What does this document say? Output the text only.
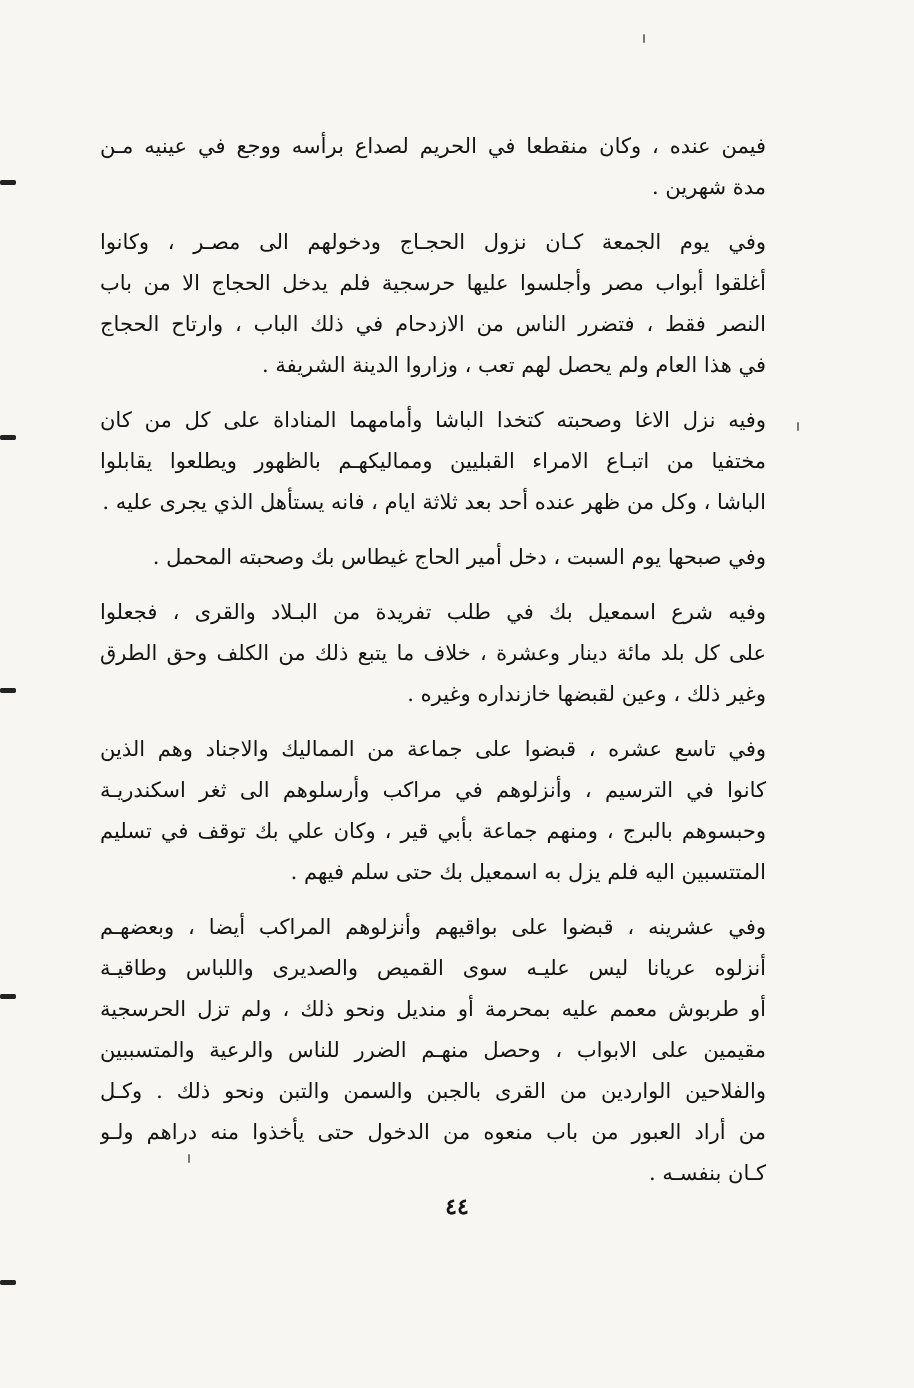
فيمن عنده ، وكان منقطعا في الحريم لصداع برأسه ووجع في عينيه مـن
مدة شهرين .
وفي يوم الجمعة كـان نزول الحجـاج ودخولهم الى مصـر ، وكانوا
أغلقوا أبواب مصر وأجلسوا عليها حرسجية فلم يدخل الحجاج الا من باب
النصر فقط ، فتضرر الناس من الازدحام في ذلك الباب ، وارتاح الحجاج
في هذا العام ولم يحصل لهم تعب ، وزاروا الدينة الشريفة .
وفيه نزل الاغا وصحبته كتخدا الباشا وأمامهما المناداة على كل من كان
مختفيا من اتبـاع الامراء القبليين ومماليكهـم بالظهور ويطلعوا يقابلوا
الباشا ، وكل من ظهر عنده أحد بعد ثلاثة ايام ، فانه يستأهل الذي يجرى عليه .
وفي صبحها يوم السبت ، دخل أمير الحاج غيطاس بك وصحبته المحمل .
وفيه شرع اسمعيل بك في طلب تفريدة من البـلاد والقرى ، فجعلوا
على كل بلد مائة دينار وعشرة ، خلاف ما يتبع ذلك من الكلف وحق الطرق
وغير ذلك ، وعين لقبضها خازنداره وغيره .
وفي تاسع عشره ، قبضوا على جماعة من المماليك والاجناد وهم الذين
كانوا في الترسيم ، وأنزلوهم في مراكب وأرسلوهم الى ثغر اسكندريـة
وحبسوهم بالبرج ، ومنهم جماعة بأبي قير ، وكان علي بك توقف في تسليم
المتتسبين اليه فلم يزل به اسمعيل بك حتى سلم فيهم .
وفي عشرينه ، قبضوا على بواقيهم وأنزلوهم المراكب أيضا ، وبعضهـم
أنزلوه عريانا ليس عليـه سوى القميص والصديرى واللباس وطاقيـة
أو طربوش معمم عليه بمحرمة أو منديل ونحو ذلك ، ولم تزل الحرسجية
مقيمين على الابواب ، وحصل منهـم الضرر للناس والرعية والمتسببين
والفلاحين الواردين من القرى بالجبن والسمن والتبن ونحو ذلك . وكـل
من أراد العبور من باب منعوه من الدخول حتى يأخذوا منه دراهم ولـو
كـان بنفسـه .
٤٤
